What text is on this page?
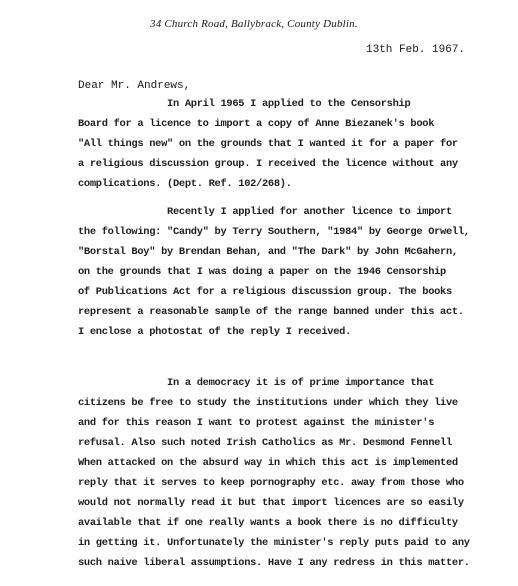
34 Church Road, Ballybrack, County Dublin.
13th Feb. 1967.
Dear Mr. Andrews,
In April 1965 I applied to the Censorship
Board for a licence to import a copy of Anne Biezanek's book
"All things new" on the grounds that I wanted it for a paper for
a religious discussion group. I received the licence without any
complications. (Dept. Ref. 102/268).
Recently I applied for another licence to import
the following: "Candy" by Terry Southern, "1984" by George Orwell,
"Borstal Boy" by Brendan Behan, and "The Dark" by John McGahern,
on the grounds that I was doing a paper on the 1946 Censorship
of Publications Act for a religious discussion group. The books
represent a reasonable sample of the range banned under this act.
I enclose a photostat of the reply I received.
In a democracy it is of prime importance that
citizens be free to study the institutions under which they live
and for this reason I want to protest against the minister's
refusal. Also such noted Irish Catholics as Mr. Desmond Fennell
When attacked on the absurd way in which this act is implemented
reply that it serves to keep pornography etc. away from those who
would not normally read it but that import licences are so easily
available that if one really wants a book there is no difficulty
in getting it. Unfortunately the minister's reply puts paid to any
such naive liberal assumptions. Have I any redress in this matter.
